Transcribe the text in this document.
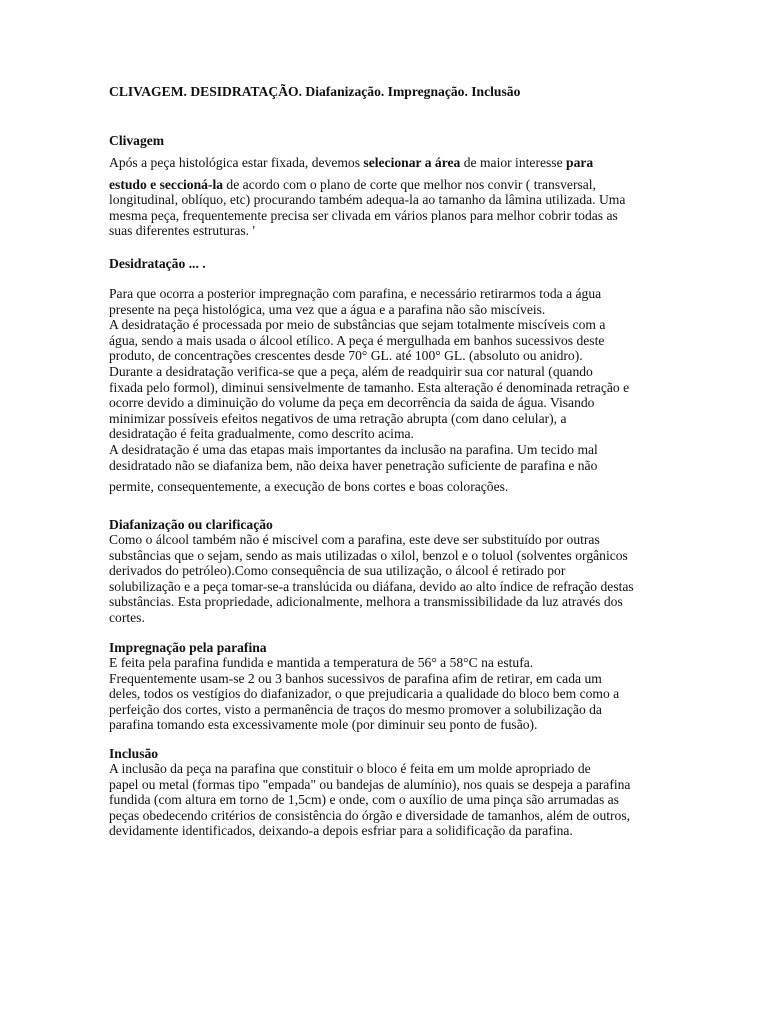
CLIVAGEM. DESIDRATAÇÃO. Diafanização. Impregnação. Inclusão
Clivagem
Após a peça histológica estar fixada, devemos selecionar a área de maior interesse para
estudo e seccioná-la de acordo com o plano de corte que melhor nos convir ( transversal,
longitudinal, oblíquo, etc) procurando também adequa-la ao tamanho da lâmina utilizada. Uma
mesma peça, frequentemente precisa ser clivada em vários planos para melhor cobrir todas as
suas diferentes estruturas. '
Desidratação ... .
Para que ocorra a posterior impregnação com parafina, e necessário retirarmos toda a água
presente na peça histológica, uma vez que a água e a parafina não são miscíveis.
A desidratação é processada por meio de substâncias que sejam totalmente miscíveis com a
água, sendo a mais usada o álcool etílico. A peça é mergulhada em banhos sucessivos deste
produto, de concentrações crescentes desde 70° GL. até 100° GL. (absoluto ou anidro).
Durante a desidratação verifica-se que a peça, além de readquirir sua cor natural (quando
fixada pelo formol), diminui sensivelmente de tamanho. Esta alteração é denominada retração e
ocorre devido a diminuição do volume da peça em decorrência da saida de água. Visando
minimizar possíveis efeitos negativos de uma retração abrupta (com dano celular), a
desidratação é feita gradualmente, como descrito acima.
A desidratação é uma das etapas mais importantes da inclusão na parafina. Um tecido mal
desidratado não se diafaniza bem, não deixa haver penetração suficiente de parafina e não
permite, consequentemente, a execução de bons cortes e boas colorações.
Diafanização ou clarificação
Como o álcool também não é miscivel com a parafina, este deve ser substituído por outras
substâncias que o sejam, sendo as mais utilizadas o xilol, benzol e o toluol (solventes orgânicos
derivados do petróleo).Como consequência de sua utilização, o álcool é retirado por
solubilização e a peça tomar-se-a translúcida ou diáfana, devido ao alto índice de refração destas
substâncias. Esta propriedade, adicionalmente, melhora a transmissibilidade da luz através dos
cortes.
Impregnação pela parafina
E feita pela parafina fundida e mantida a temperatura de 56° a 58°C na estufa.
Frequentemente usam-se 2 ou 3 banhos sucessivos de parafina afim de retirar, em cada um
deles, todos os vestígios do diafanizador, o que prejudicaria a qualidade do bloco bem como a
perfeição dos cortes, visto a permanência de traços do mesmo promover a solubilização da
parafina tomando esta excessivamente mole (por diminuir seu ponto de fusão).
Inclusão
A inclusão da peça na parafina que constituir o bloco é feita em um molde apropriado de
papel ou metal (formas tipo "empada" ou bandejas de alumínio), nos quais se despeja a parafina
fundida (com altura em torno de 1,5cm) e onde, com o auxílio de uma pinça são arrumadas as
peças obedecendo critérios de consistência do órgão e diversidade de tamanhos, além de outros,
devidamente identificados, deixando-a depois esfriar para a solidificação da parafina.
